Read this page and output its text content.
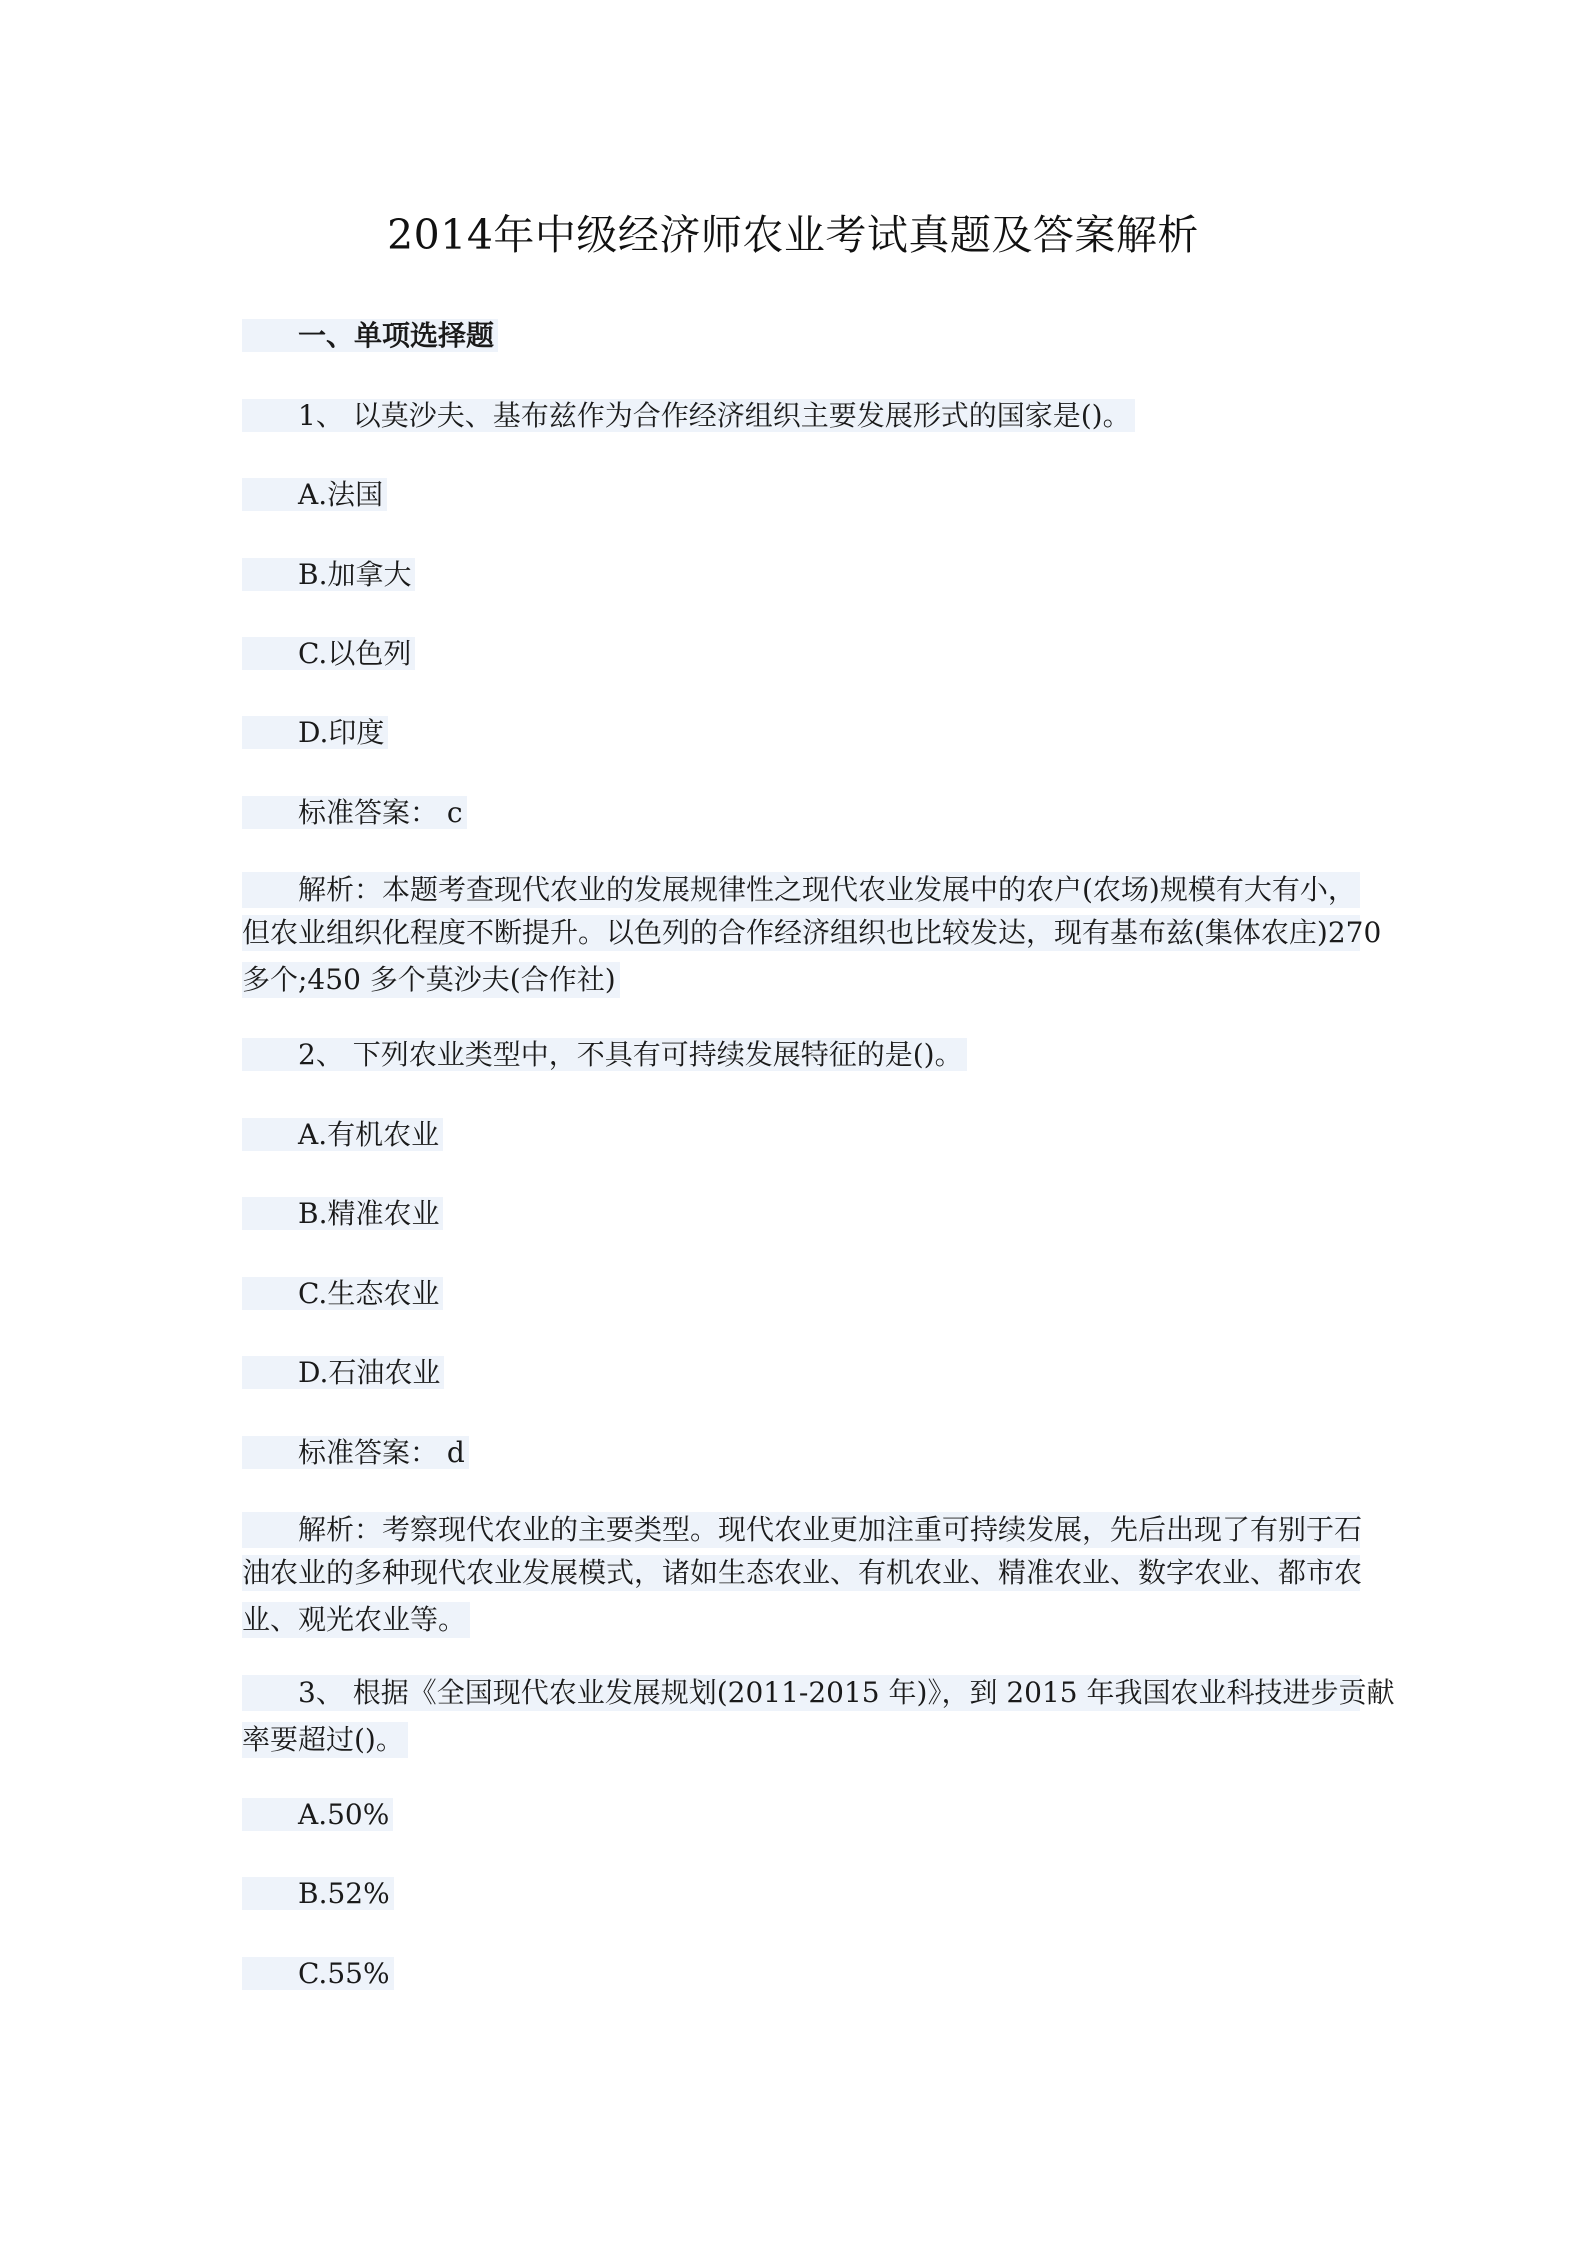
2014年中级经济师农业考试真题及答案解析
一、单项选择题
1、 以莫沙夫、基布兹作为合作经济组织主要发展形式的国家是()。
A.法国
B.加拿大
C.以色列
D.印度
标准答案： c
解析：本题考查现代农业的发展规律性之现代农业发展中的农户(农场)规模有大有小，
但农业组织化程度不断提升。以色列的合作经济组织也比较发达，现有基布兹(集体农庄)270
多个;450 多个莫沙夫(合作社)
2、 下列农业类型中，不具有可持续发展特征的是()。
A.有机农业
B.精准农业
C.生态农业
D.石油农业
标准答案： d
解析：考察现代农业的主要类型。现代农业更加注重可持续发展，先后出现了有别于石
油农业的多种现代农业发展模式，诸如生态农业、有机农业、精准农业、数字农业、都市农
业、观光农业等。
3、 根据《全国现代农业发展规划(2011-2015 年)》，到 2015 年我国农业科技进步贡献
率要超过()。
A.50%
B.52%
C.55%
